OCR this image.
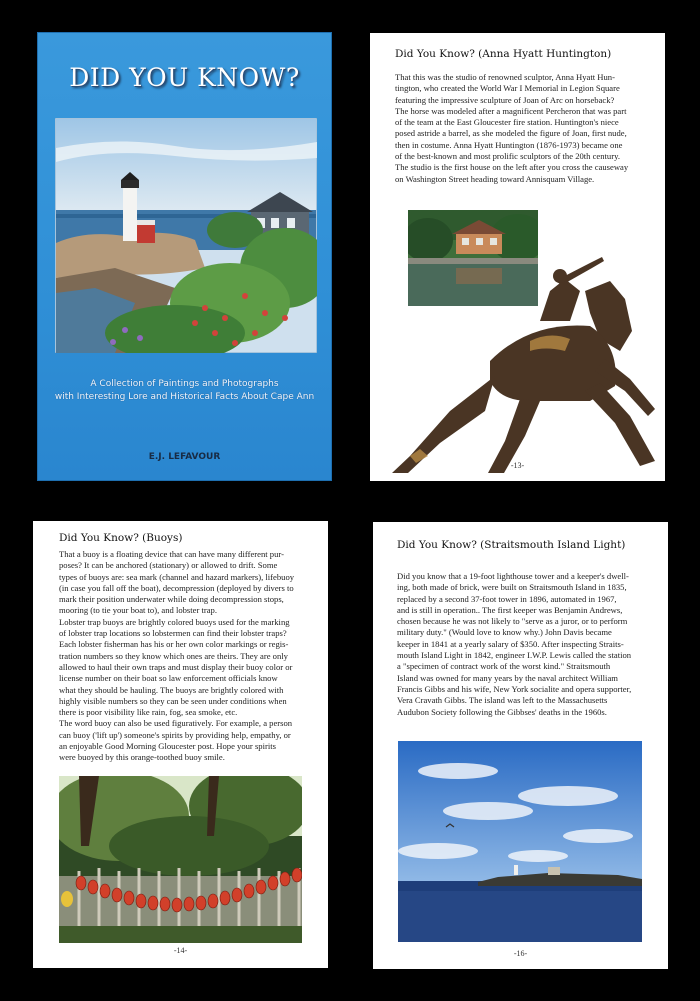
DID YOU KNOW?
A Collection of Paintings and Photographs
with Interesting Lore and Historical Facts About Cape Ann
E.J. LEFAVOUR
Did You Know? (Anna Hyatt Huntington)
That this was the studio of renowned sculptor, Anna Hyatt Hun-
tington, who created the World War I Memorial in Legion Square
featuring the impressive sculpture of Joan of Arc on horseback?
The horse was modeled after a magnificent Percheron that was part
of the team at the East Gloucester fire station. Huntington's niece
posed astride a barrel, as she modeled the figure of Joan, first nude,
then in costume. Anna Hyatt Huntington (1876-1973) became one
of the best-known and most prolific sculptors of the 20th century.
The studio is the first house on the left after you cross the causeway
on Washington Street heading toward Annisquam Village.
-13-
Did You Know? (Buoys)
That a buoy is a floating device that can have many different pur-
poses? It can be anchored (stationary) or allowed to drift. Some
types of buoys are: sea mark (channel and hazard markers), lifebuoy
(in case you fall off the boat), decompression (deployed by divers to
mark their position underwater while doing decompression stops,
mooring (to tie your boat to), and lobster trap.
Lobster trap buoys are brightly colored buoys used for the marking
of lobster trap locations so lobstermen can find their lobster traps?
Each lobster fisherman has his or her own color markings or regis-
tration numbers so they know which ones are theirs. They are only
allowed to haul their own traps and must display their buoy color or
license number on their boat so law enforcement officials know
what they should be hauling. The buoys are brightly colored with
highly visible numbers so they can be seen under conditions when
there is poor visibility like rain, fog, sea smoke, etc.
The word buoy can also be used figuratively. For example, a person
can buoy ('lift up') someone's spirits by providing help, empathy, or
an enjoyable Good Morning Gloucester post. Hope your spirits
were buoyed by this orange-toothed buoy smile.
-14-
Did You Know? (Straitsmouth Island Light)
Did you know that a 19-foot lighthouse tower and a keeper's dwell-
ing, both made of brick, were built on Straitsmouth Island in 1835,
replaced by a second 37-foot tower in 1896, automated in 1967,
and is still in operation.. The first keeper was Benjamin Andrews,
chosen because he was not likely to "serve as a juror, or to perform
military duty." (Would love to know why.) John Davis became
keeper in 1841 at a yearly salary of $350. After inspecting Straits-
mouth Island Light in 1842, engineer I.W.P. Lewis called the station
a "specimen of contract work of the worst kind." Straitsmouth
Island was owned for many years by the naval architect William
Francis Gibbs and his wife, New York socialite and opera supporter,
Vera Cravath Gibbs. The island was left to the Massachusetts
Audubon Society following the Gibbses' deaths in the 1960s.
-16-
